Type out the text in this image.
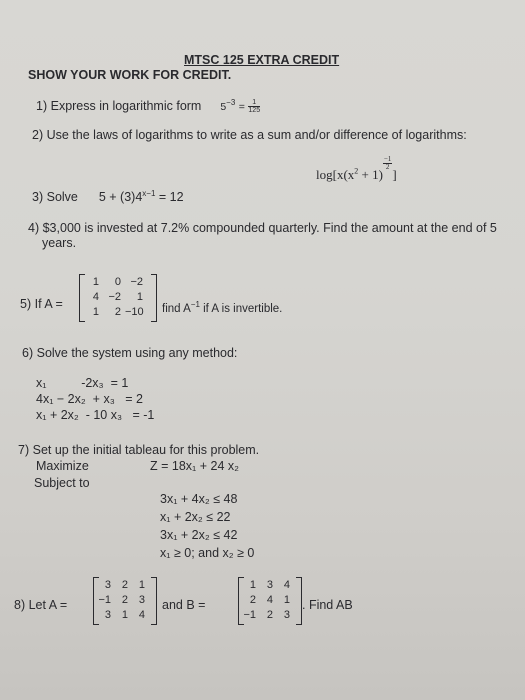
MTSC 125 EXTRA CREDIT
SHOW YOUR WORK FOR CREDIT.
1) Express in logarithmic form $5^{-3} = \frac{1}{125}$
2) Use the laws of logarithms to write as a sum and/or difference of logarithms:
$\log[x(x^2 + 1)$
$\frac{-1}{2}$
]
3) Solve $5 + (3)4^{x-1} = 12$
4) $3,000 is invested at 7.2% compounded quarterly. Find the amount at the end of 5
years.
5) If A =
1	0 −2
4 −2	1
1	2 −10 find $A^{-1}$ if A is invertible.
6) Solve the system using any method:
x₁          -2x₃  = 1
4x₁ − 2x₂  + x₃   = 2
x₁ + 2x₂  - 10 x₃   = -1
7) Set up the initial tableau for this problem.
Maximize	Z = 18x₁ + 24 x₂
Subject to
3x₁ + 4x₂ ≤ 48
x₁ + 2x₂ ≤ 22
3x₁ + 2x₂ ≤ 42
x₁ ≥ 0; and x₂ ≥ 0
8) Let A =
3 2 1
−1 2 3
3 1 4
and B =
1 3 4
2 4 1
−1 2 3
. Find AB
